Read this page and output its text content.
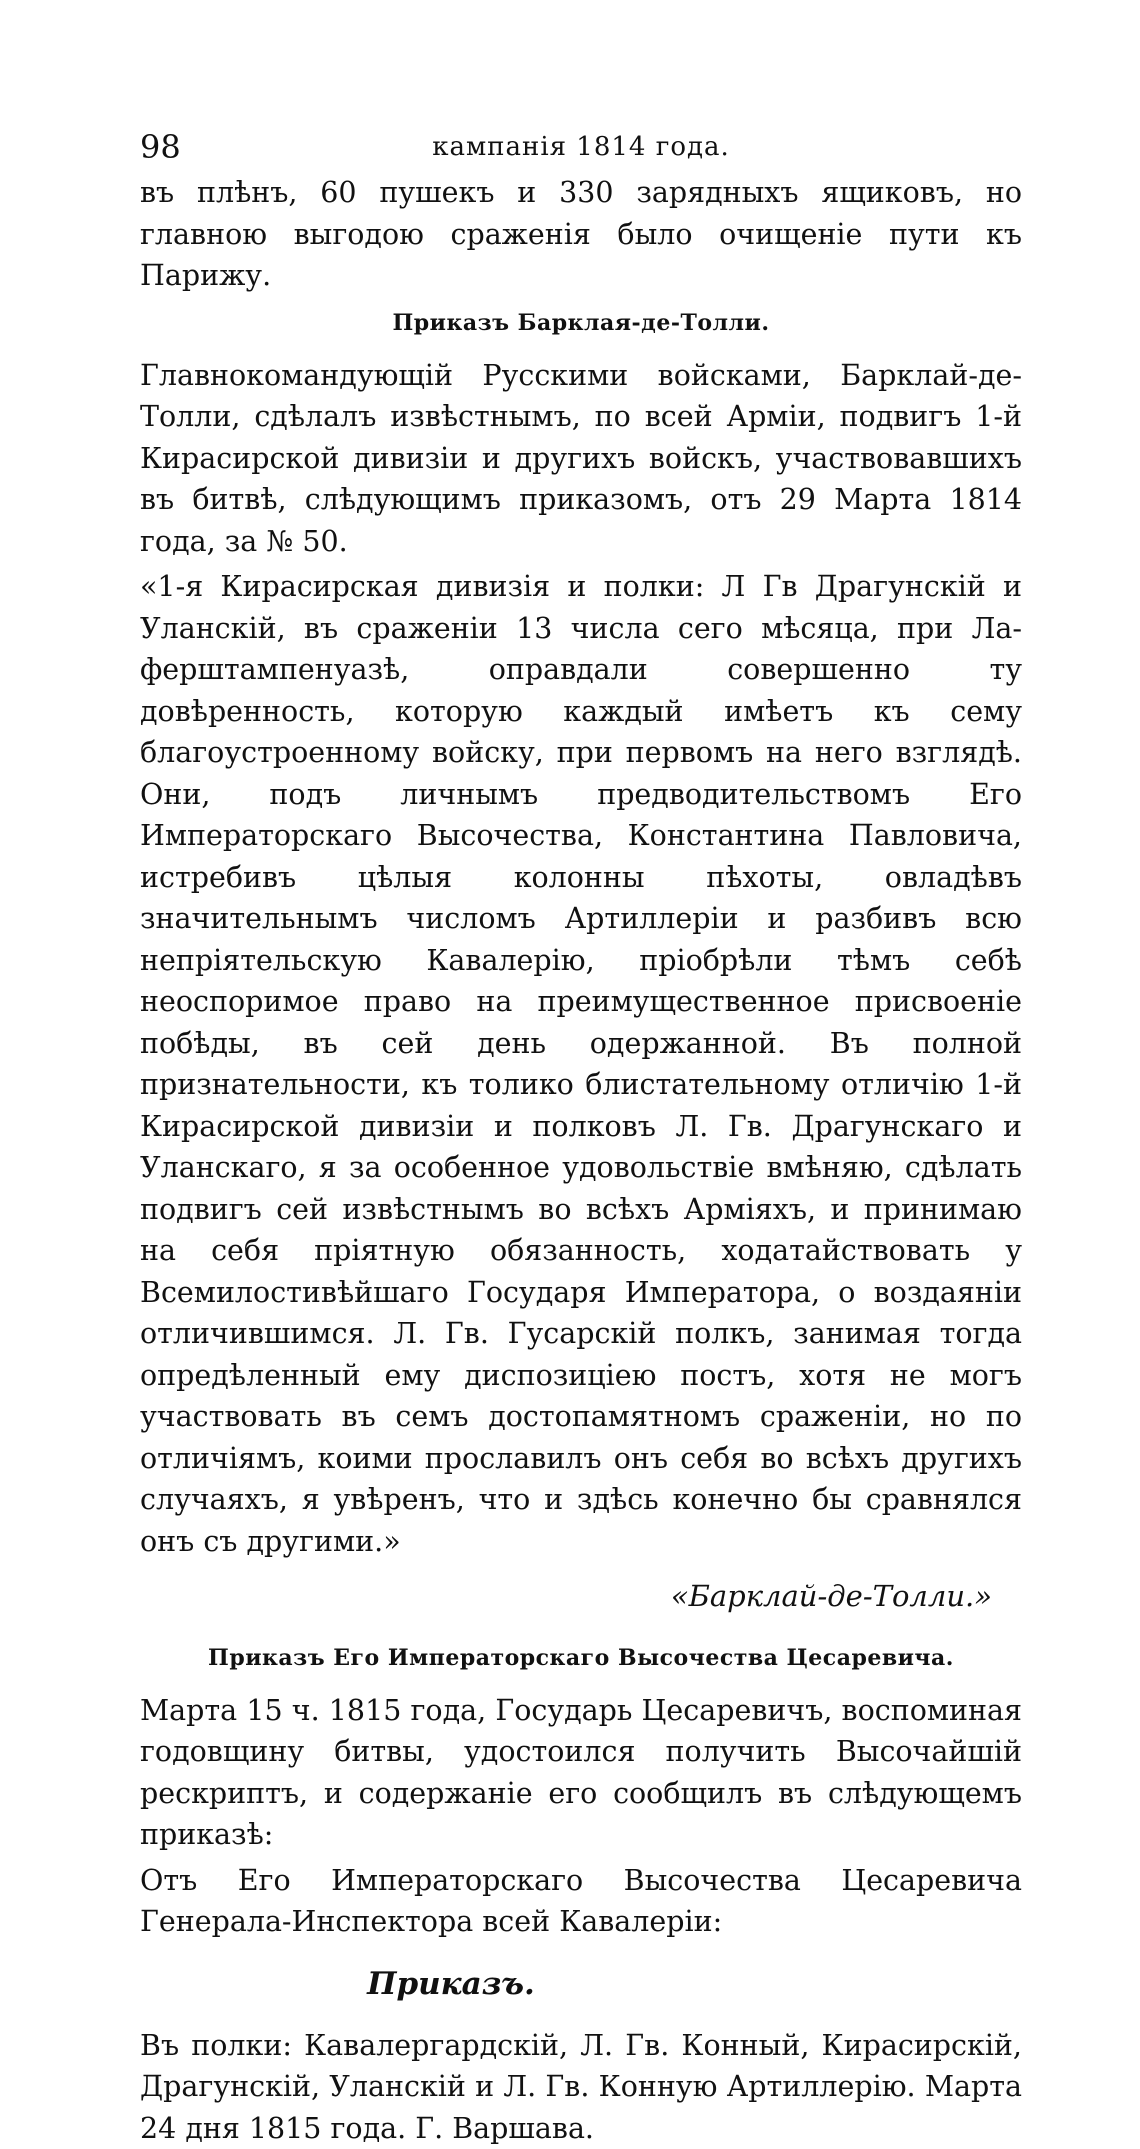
98	кампанія 1814 года.

въ плѣнъ, 60 пушекъ и 330 зарядныхъ ящиковъ, но главною выгодою сраженія было очищеніе пути къ Парижу.

Приказъ Барклая-де-Толли.

Главнокомандующій Русскими войсками, Барклай-де-Толли, сдѣлалъ извѣстнымъ, по всей Арміи, подвигъ 1-й Кирасирской дивизіи и другихъ войскъ, участвовавшихъ въ битвѣ, слѣдующимъ приказомъ, отъ 29 Марта 1814 года, за № 50.

«1-я Кирасирская дивизія и полки: Л Гв Драгунскій и Уланскій, въ сраженіи 13 числа сего мѣсяца, при Лаферштампенуазѣ, оправдали совершенно ту довѣренность, которую каждый имѣетъ къ сему благоустроенному войску, при первомъ на него взглядѣ. Они, подъ личнымъ предводительствомъ Его Императорскаго Высочества, Константина Павловича, истребивъ цѣлыя колонны пѣхоты, овладѣвъ значительнымъ числомъ Артиллеріи и разбивъ всю непріятельскую Кавалерію, пріобрѣли тѣмъ себѣ неоспоримое право на преимущественное присвоеніе побѣды, въ сей день одержанной. Въ полной признательности, къ толико блистательному отличію 1-й Кирасирской дивизіи и полковъ Л. Гв. Драгунскаго и Уланскаго, я за особенное удовольствіе вмѣняю, сдѣлать подвигъ сей извѣстнымъ во всѣхъ Арміяхъ, и принимаю на себя пріятную обязанность, ходатайствовать у Всемилостивѣйшаго Государя Императора, о воздаяніи отличившимся. Л. Гв. Гусарскій полкъ, занимая тогда опредѣленный ему диспозиціею постъ, хотя не могъ участвовать въ семъ достопамятномъ сраженіи, но по отличіямъ, коими прославилъ онъ себя во всѣхъ другихъ случаяхъ, я увѣренъ, что и здѣсь конечно бы сравнялся онъ съ другими.»

«Барклай-де-Толли.»
Приказъ Его Императорскаго Высочества Цесаревича.

Марта 15 ч. 1815 года, Государь Цесаревичъ, воспоминая годовщину битвы, удостоился получить Высочайшій рескриптъ, и содержаніе его сообщилъ въ слѣдующемъ приказѣ:

Отъ Его Императорскаго Высочества Цесаревича Генерала-Инспектора всей Кавалеріи:

Приказъ.

Въ полки: Кавалергардскій, Л. Гв. Конный, Кирасирскій, Драгунскій, Уланскій и Л. Гв. Конную Артиллерію. Марта 24 дня 1815 года. Г. Варшава.
